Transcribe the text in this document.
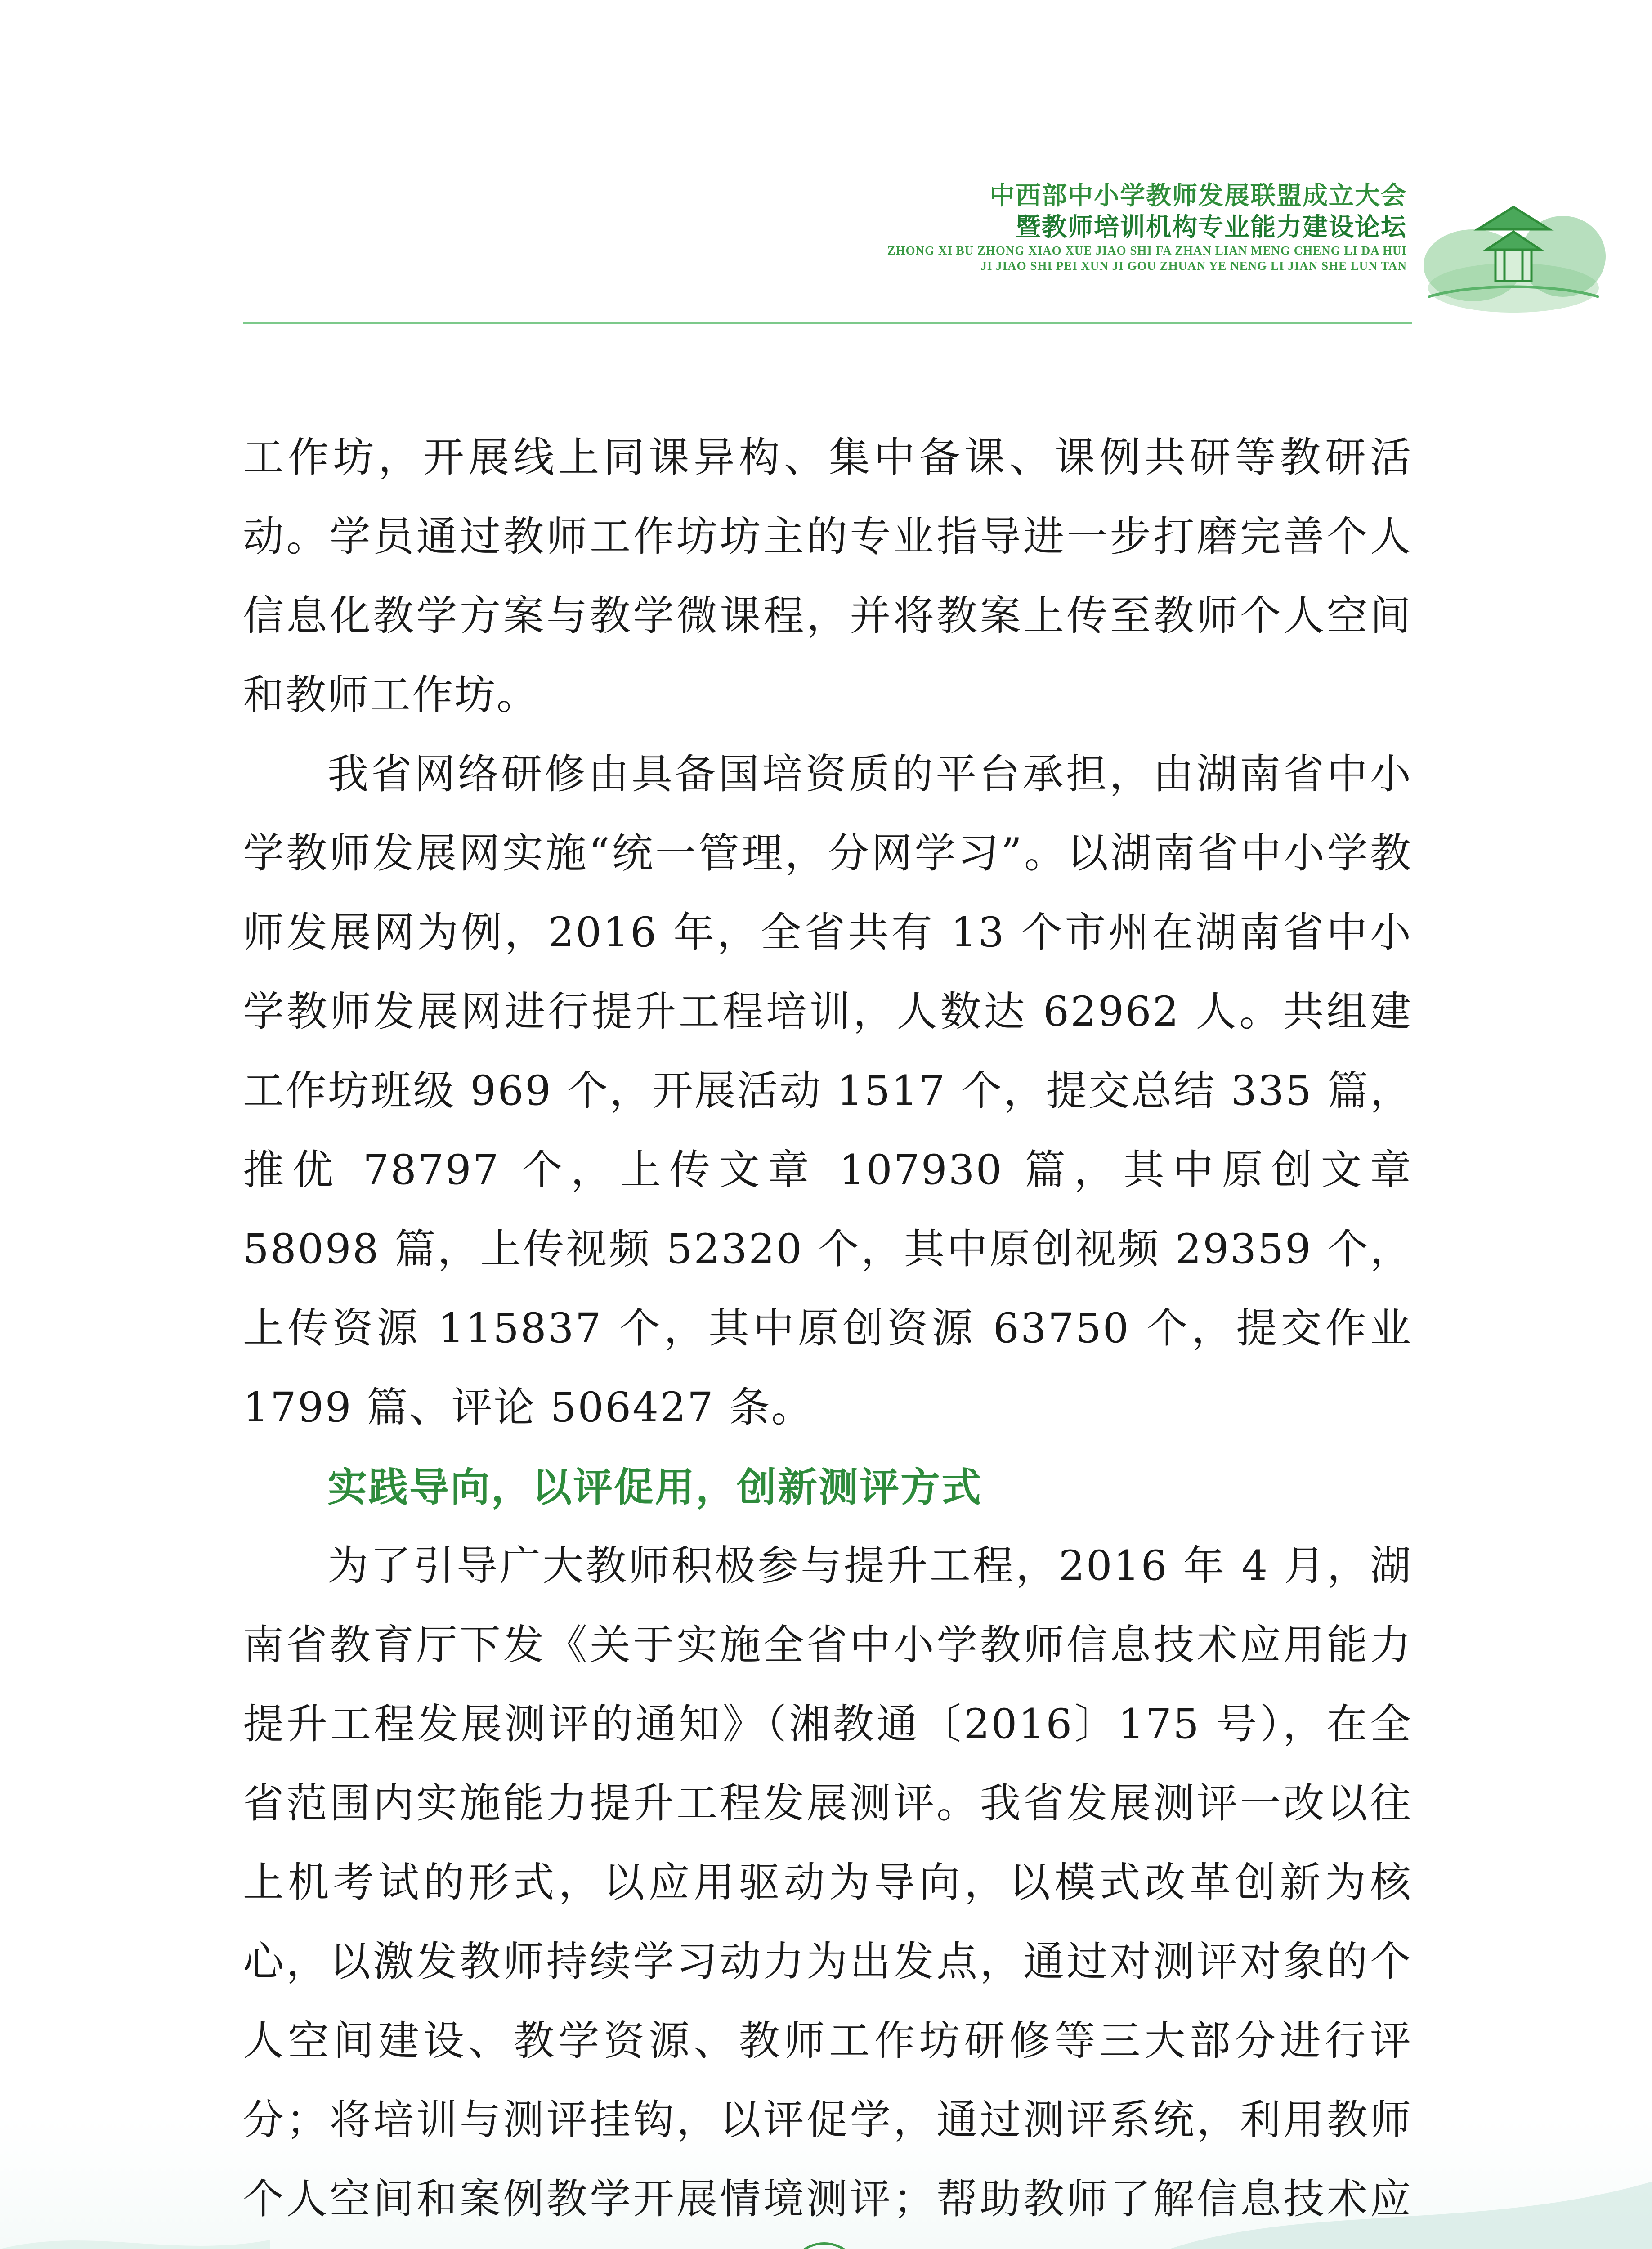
中西部中小学教师发展联盟成立大会
暨教师培训机构专业能力建设论坛
ZHONG XI BU ZHONG XIAO XUE JIAO SHI FA ZHAN LIAN MENG CHENG LI DA HUI
JI JIAO SHI PEI XUN JI GOU ZHUAN YE NENG LI JIAN SHE LUN TAN

工作坊，开展线上同课异构、集中备课、课例共研等教研活动。学员通过教师工作坊坊主的专业指导进一步打磨完善个人信息化教学方案与教学微课程，并将教案上传至教师个人空间和教师工作坊。

我省网络研修由具备国培资质的平台承担，由湖南省中小学教师发展网实施“统一管理，分网学习”。以湖南省中小学教师发展网为例，2016 年，全省共有 13 个市州在湖南省中小学教师发展网进行提升工程培训，人数达 62962 人。共组建工作坊班级 969 个，开展活动 1517 个，提交总结 335 篇，推优 78797 个，上传文章 107930 篇，其中原创文章 58098 篇，上传视频 52320 个，其中原创视频 29359 个，上传资源 115837 个，其中原创资源 63750 个，提交作业 1799 篇、评论 506427 条。

实践导向，以评促用，创新测评方式

为了引导广大教师积极参与提升工程，2016 年 4 月，湖南省教育厅下发《关于实施全省中小学教师信息技术应用能力提升工程发展测评的通知》（湘教通〔2016〕175 号），在全省范围内实施能力提升工程发展测评。我省发展测评一改以往上机考试的形式，以应用驱动为导向，以模式改革创新为核心，以激发教师持续学习动力为出发点，通过对测评对象的个人空间建设、教学资源、教师工作坊研修等三大部分进行评分；将培训与测评挂钩，以评促学，通过测评系统，利用教师个人空间和案例教学开展情境测评；帮助教师了解信息技术应
